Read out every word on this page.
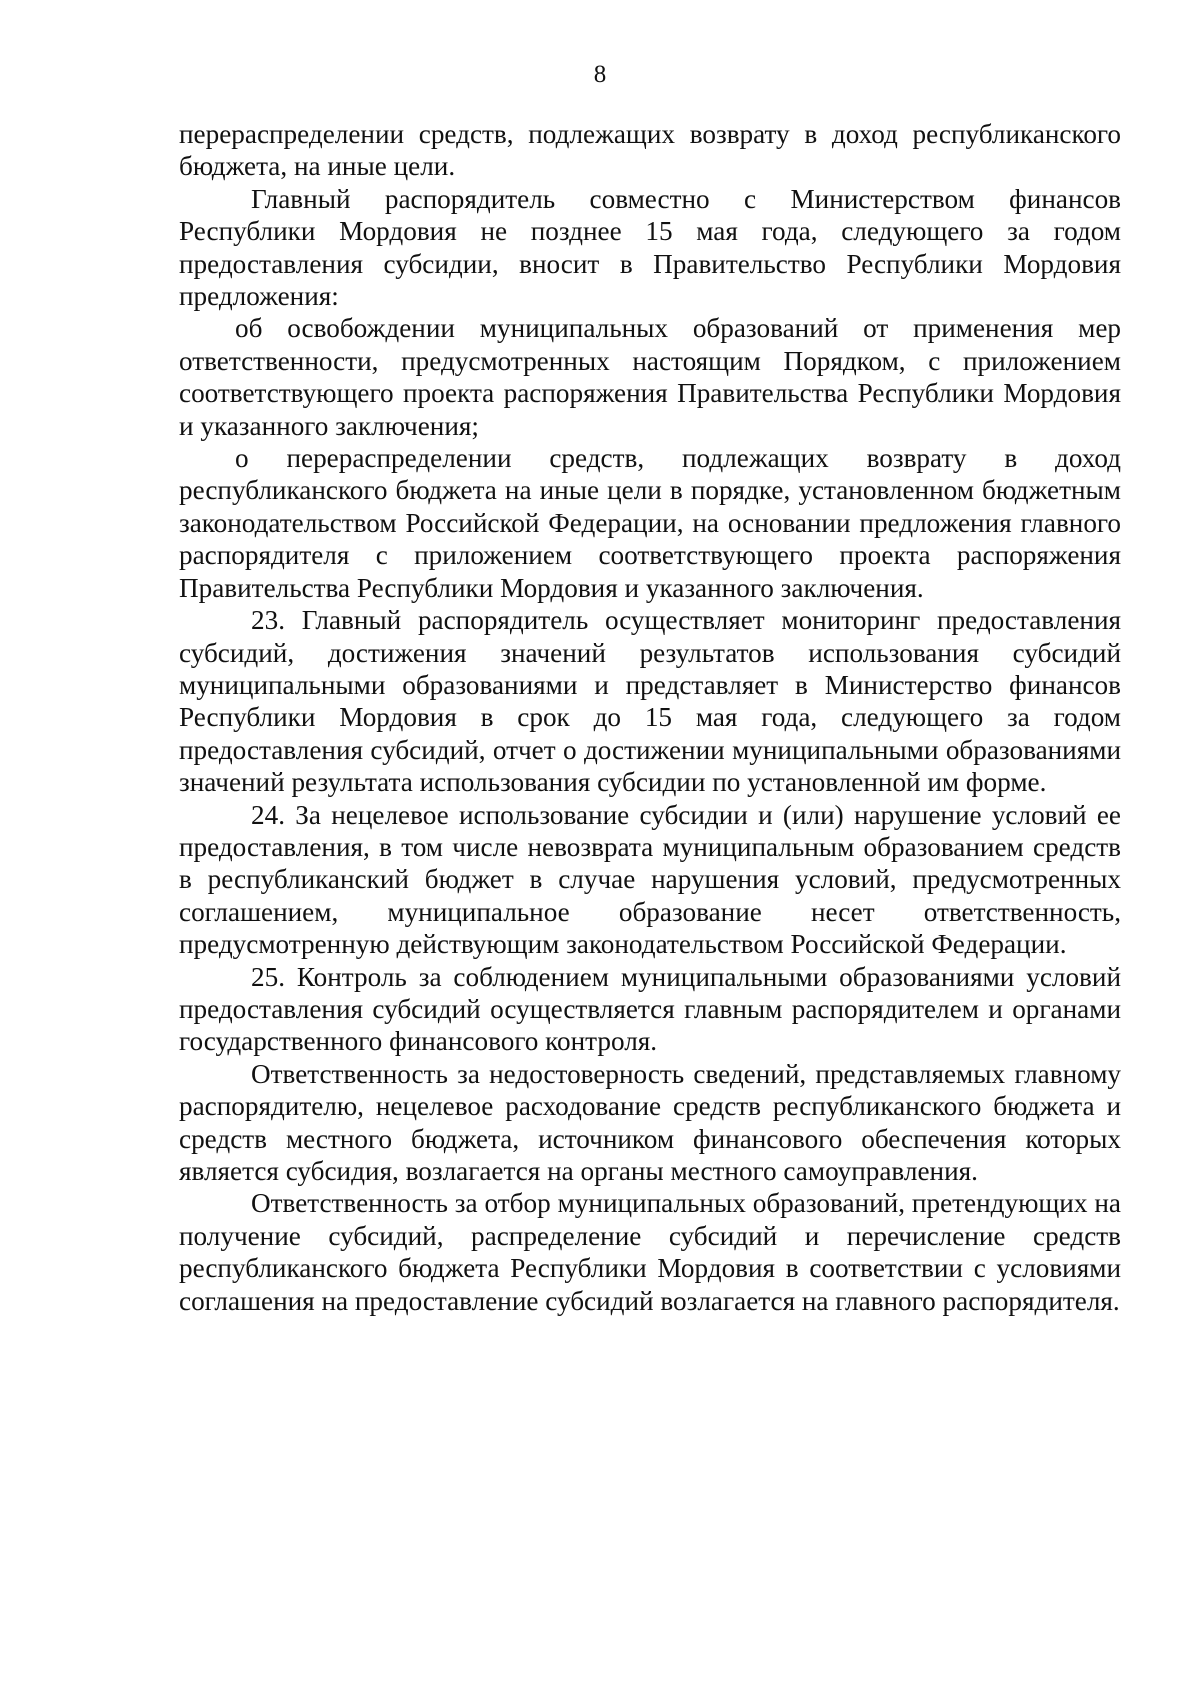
8

перераспределении средств, подлежащих возврату в доход республиканского бюджета, на иные цели.

Главный распорядитель совместно с Министерством финансов Республики Мордовия не позднее 15 мая года, следующего за годом предоставления субсидии, вносит в Правительство Республики Мордовия предложения:

об освобождении муниципальных образований от применения мер ответственности, предусмотренных настоящим Порядком, с приложением соответствующего проекта распоряжения Правительства Республики Мордовия и указанного заключения;

о перераспределении средств, подлежащих возврату в доход республиканского бюджета на иные цели в порядке, установленном бюджетным законодательством Российской Федерации, на основании предложения главного распорядителя с приложением соответствующего проекта распоряжения Правительства Республики Мордовия и указанного заключения.

23. Главный распорядитель осуществляет мониторинг предоставления субсидий, достижения значений результатов использования субсидий муниципальными образованиями и представляет в Министерство финансов Республики Мордовия в срок до 15 мая года, следующего за годом предоставления субсидий, отчет о достижении муниципальными образованиями значений результата использования субсидии по установленной им форме.

24. За нецелевое использование субсидии и (или) нарушение условий ее предоставления, в том числе невозврата муниципальным образованием средств в республиканский бюджет в случае нарушения условий, предусмотренных соглашением, муниципальное образование несет ответственность, предусмотренную действующим законодательством Российской Федерации.

25. Контроль за соблюдением муниципальными образованиями условий предоставления субсидий осуществляется главным распорядителем и органами государственного финансового контроля.

Ответственность за недостоверность сведений, представляемых главному распорядителю, нецелевое расходование средств республиканского бюджета и средств местного бюджета, источником финансового обеспечения которых является субсидия, возлагается на органы местного самоуправления.

Ответственность за отбор муниципальных образований, претендующих на получение субсидий, распределение субсидий и перечисление средств республиканского бюджета Республики Мордовия в соответствии с условиями соглашения на предоставление субсидий возлагается на главного распорядителя.
